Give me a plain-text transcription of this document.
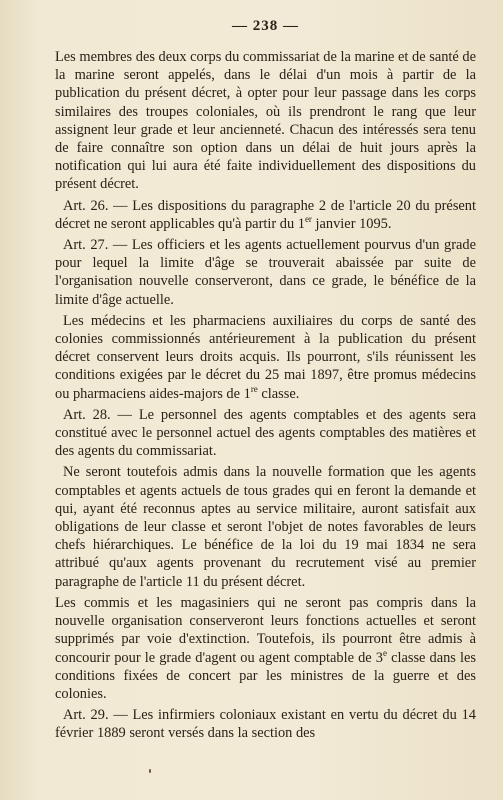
— 238 —

Les membres des deux corps du commissariat de la marine et de santé de la marine seront appelés, dans le délai d'un mois à partir de la publication du présent décret, à opter pour leur passage dans les corps similaires des troupes coloniales, où ils prendront le rang que leur assignent leur grade et leur ancienneté. Chacun des intéressés sera tenu de faire connaître son option dans un délai de huit jours après la notification qui lui aura été faite individuellement des dispositions du présent décret.

Art. 26. — Les dispositions du paragraphe 2 de l'article 20 du présent décret ne seront applicables qu'à partir du 1er janvier 1095.

Art. 27. — Les officiers et les agents actuellement pourvus d'un grade pour lequel la limite d'âge se trouverait abaissée par suite de l'organisation nouvelle conserveront, dans ce grade, le bénéfice de la limite d'âge actuelle.

Les médecins et les pharmaciens auxiliaires du corps de santé des colonies commissionnés antérieurement à la publication du présent décret conservent leurs droits acquis. Ils pourront, s'ils réunissent les conditions exigées par le décret du 25 mai 1897, être promus médecins ou pharmaciens aides-majors de 1re classe.

Art. 28. — Le personnel des agents comptables et des agents sera constitué avec le personnel actuel des agents comptables des matières et des agents du commissariat.

Ne seront toutefois admis dans la nouvelle formation que les agents comptables et agents actuels de tous grades qui en feront la demande et qui, ayant été reconnus aptes au service militaire, auront satisfait aux obligations de leur classe et seront l'objet de notes favorables de leurs chefs hiérarchiques. Le bénéfice de la loi du 19 mai 1834 ne sera attribué qu'aux agents provenant du recrutement visé au premier paragraphe de l'article 11 du présent décret.

Les commis et les magasiniers qui ne seront pas compris dans la nouvelle organisation conserveront leurs fonctions actuelles et seront supprimés par voie d'extinction. Toutefois, ils pourront être admis à concourir pour le grade d'agent ou agent comptable de 3e classe dans les conditions fixées de concert par les ministres de la guerre et des colonies.

Art. 29. — Les infirmiers coloniaux existant en vertu du décret du 14 février 1889 seront versés dans la section des
